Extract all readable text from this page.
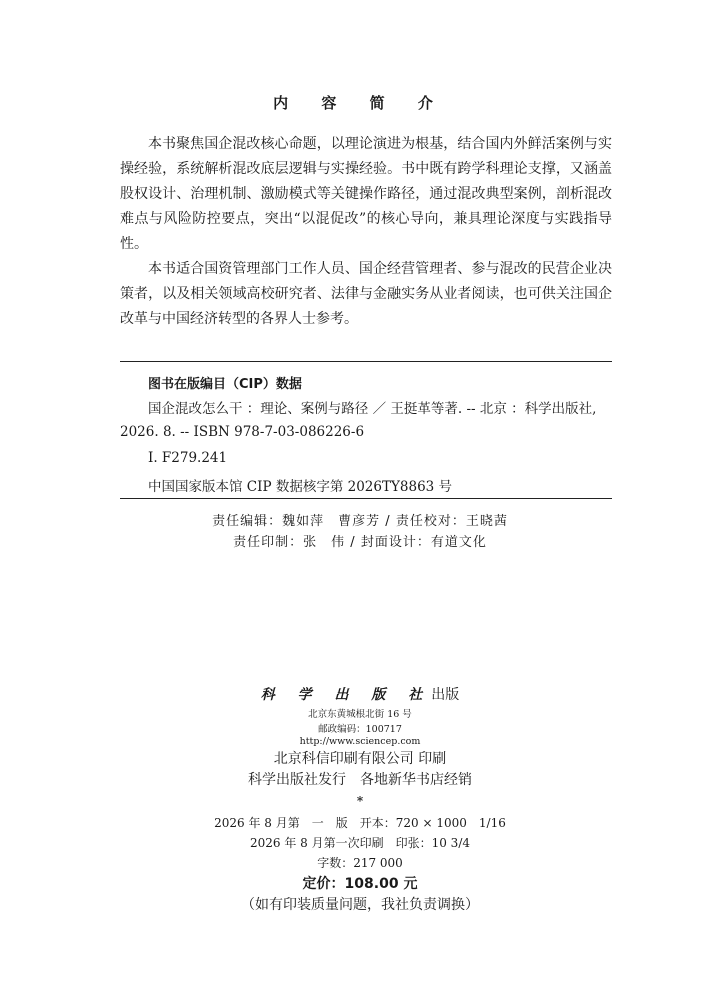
内 容 简 介

本书聚焦国企混改核心命题，以理论演进为根基，结合国内外鲜活案例与实操经验，系统解析混改底层逻辑与实操经验。书中既有跨学科理论支撑，又涵盖股权设计、治理机制、激励模式等关键操作路径，通过混改典型案例，剖析混改难点与风险防控要点，突出“以混促改”的核心导向，兼具理论深度与实践指导性。

本书适合国资管理部门工作人员、国企经营管理者、参与混改的民营企业决策者，以及相关领域高校研究者、法律与金融实务从业者阅读，也可供关注国企改革与中国经济转型的各界人士参考。

图书在版编目（CIP）数据
国企混改怎么干 ：理论、案例与路径 ／ 王挺革等著. -- 北京 ：科学出版社, 2026. 8. -- ISBN 978-7-03-086226-6
Ⅰ. F279.241
中国国家版本馆 CIP 数据核字第 2026TY8863 号
责任编辑：魏如萍　曹彦芳 / 责任校对：王晓茜
责任印制：张　伟 / 封面设计：有道文化
科 学 出 版 社出版
北京东黄城根北街 16 号
邮政编码：100717
http://www.sciencep.com
北京科信印刷有限公司 印刷
科学出版社发行　各地新华书店经销
*
2026 年 8 月第　一　版　开本：720 × 1000　1/16
2026 年 8 月第一次印刷　印张：10 3/4
字数：217 000
定价：108.00 元
（如有印装质量问题，我社负责调换）
